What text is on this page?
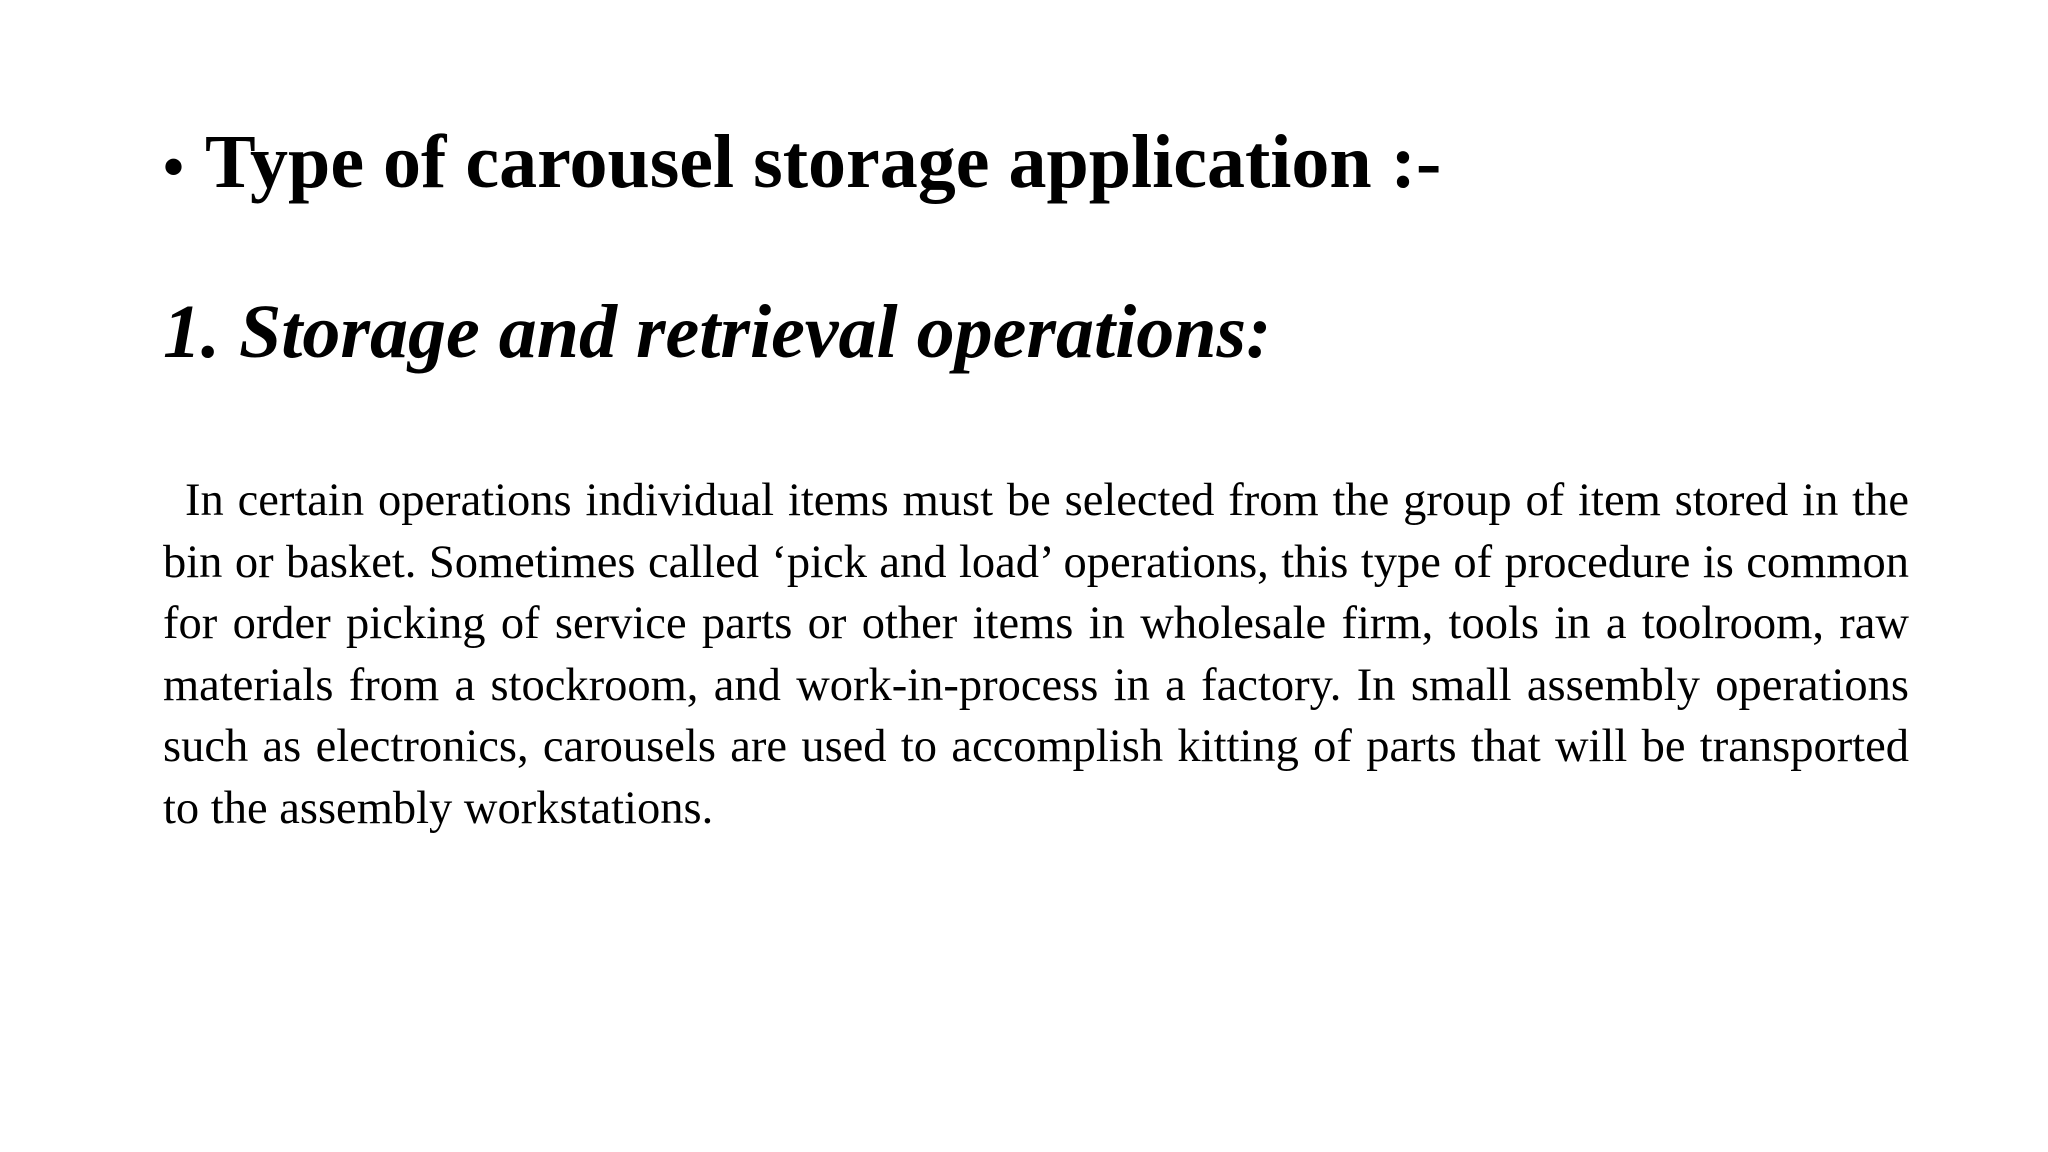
• Type of carousel storage application :-
1. Storage and retrieval operations:

In certain operations individual items must be selected from the group of item stored in the bin or basket. Sometimes called ‘pick and load’ operations, this type of procedure is common for order picking of service parts or other items in wholesale firm, tools in a toolroom, raw materials from a stockroom, and work-in-process in a factory. In small assembly operations such as electronics, carousels are used to accomplish kitting of parts that will be transported to the assembly workstations.
